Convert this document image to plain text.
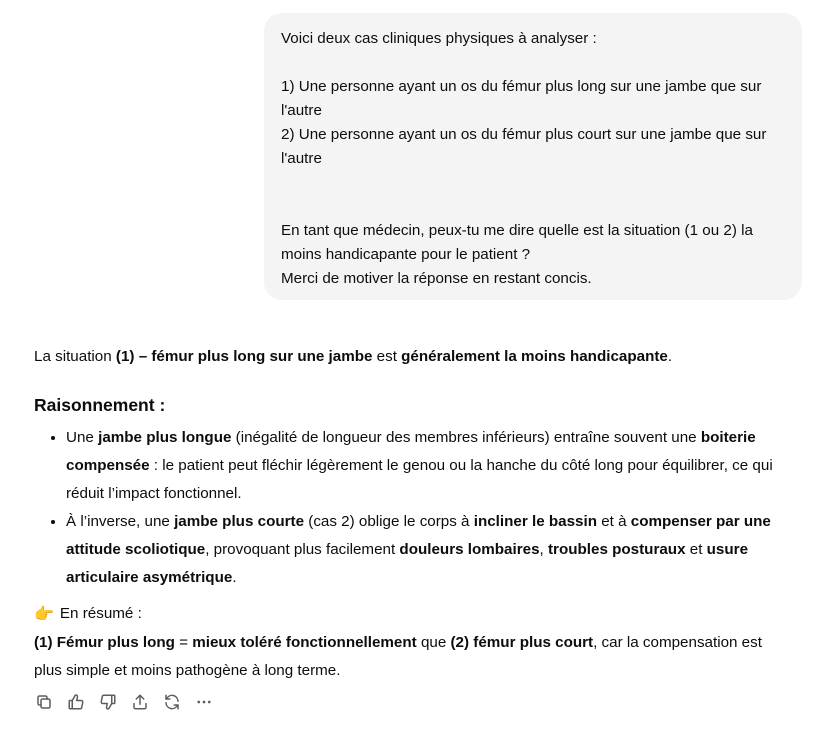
Voici deux cas cliniques physiques à analyser :

1) Une personne ayant un os du fémur plus long sur une jambe que sur l'autre

2) Une personne ayant un os du fémur plus court sur une jambe que sur l'autre

En tant que médecin, peux-tu me dire quelle est la situation (1 ou 2) la moins handicapante pour le patient ?

Merci de motiver la réponse en restant concis.

La situation (1) – fémur plus long sur une jambe est généralement la moins handicapante.

Raisonnement :

• Une jambe plus longue (inégalité de longueur des membres inférieurs) entraîne souvent une boiterie compensée : le patient peut fléchir légèrement le genou ou la hanche du côté long pour équilibrer, ce qui réduit l’impact fonctionnel.
• À l’inverse, une jambe plus courte (cas 2) oblige le corps à incliner le bassin et à compenser par une attitude scoliotique, provoquant plus facilement douleurs lombaires, troubles posturaux et usure articulaire asymétrique.

👉 En résumé :

(1) Fémur plus long = mieux toléré fonctionnellement que (2) fémur plus court, car la compensation est plus simple et moins pathogène à long terme.
